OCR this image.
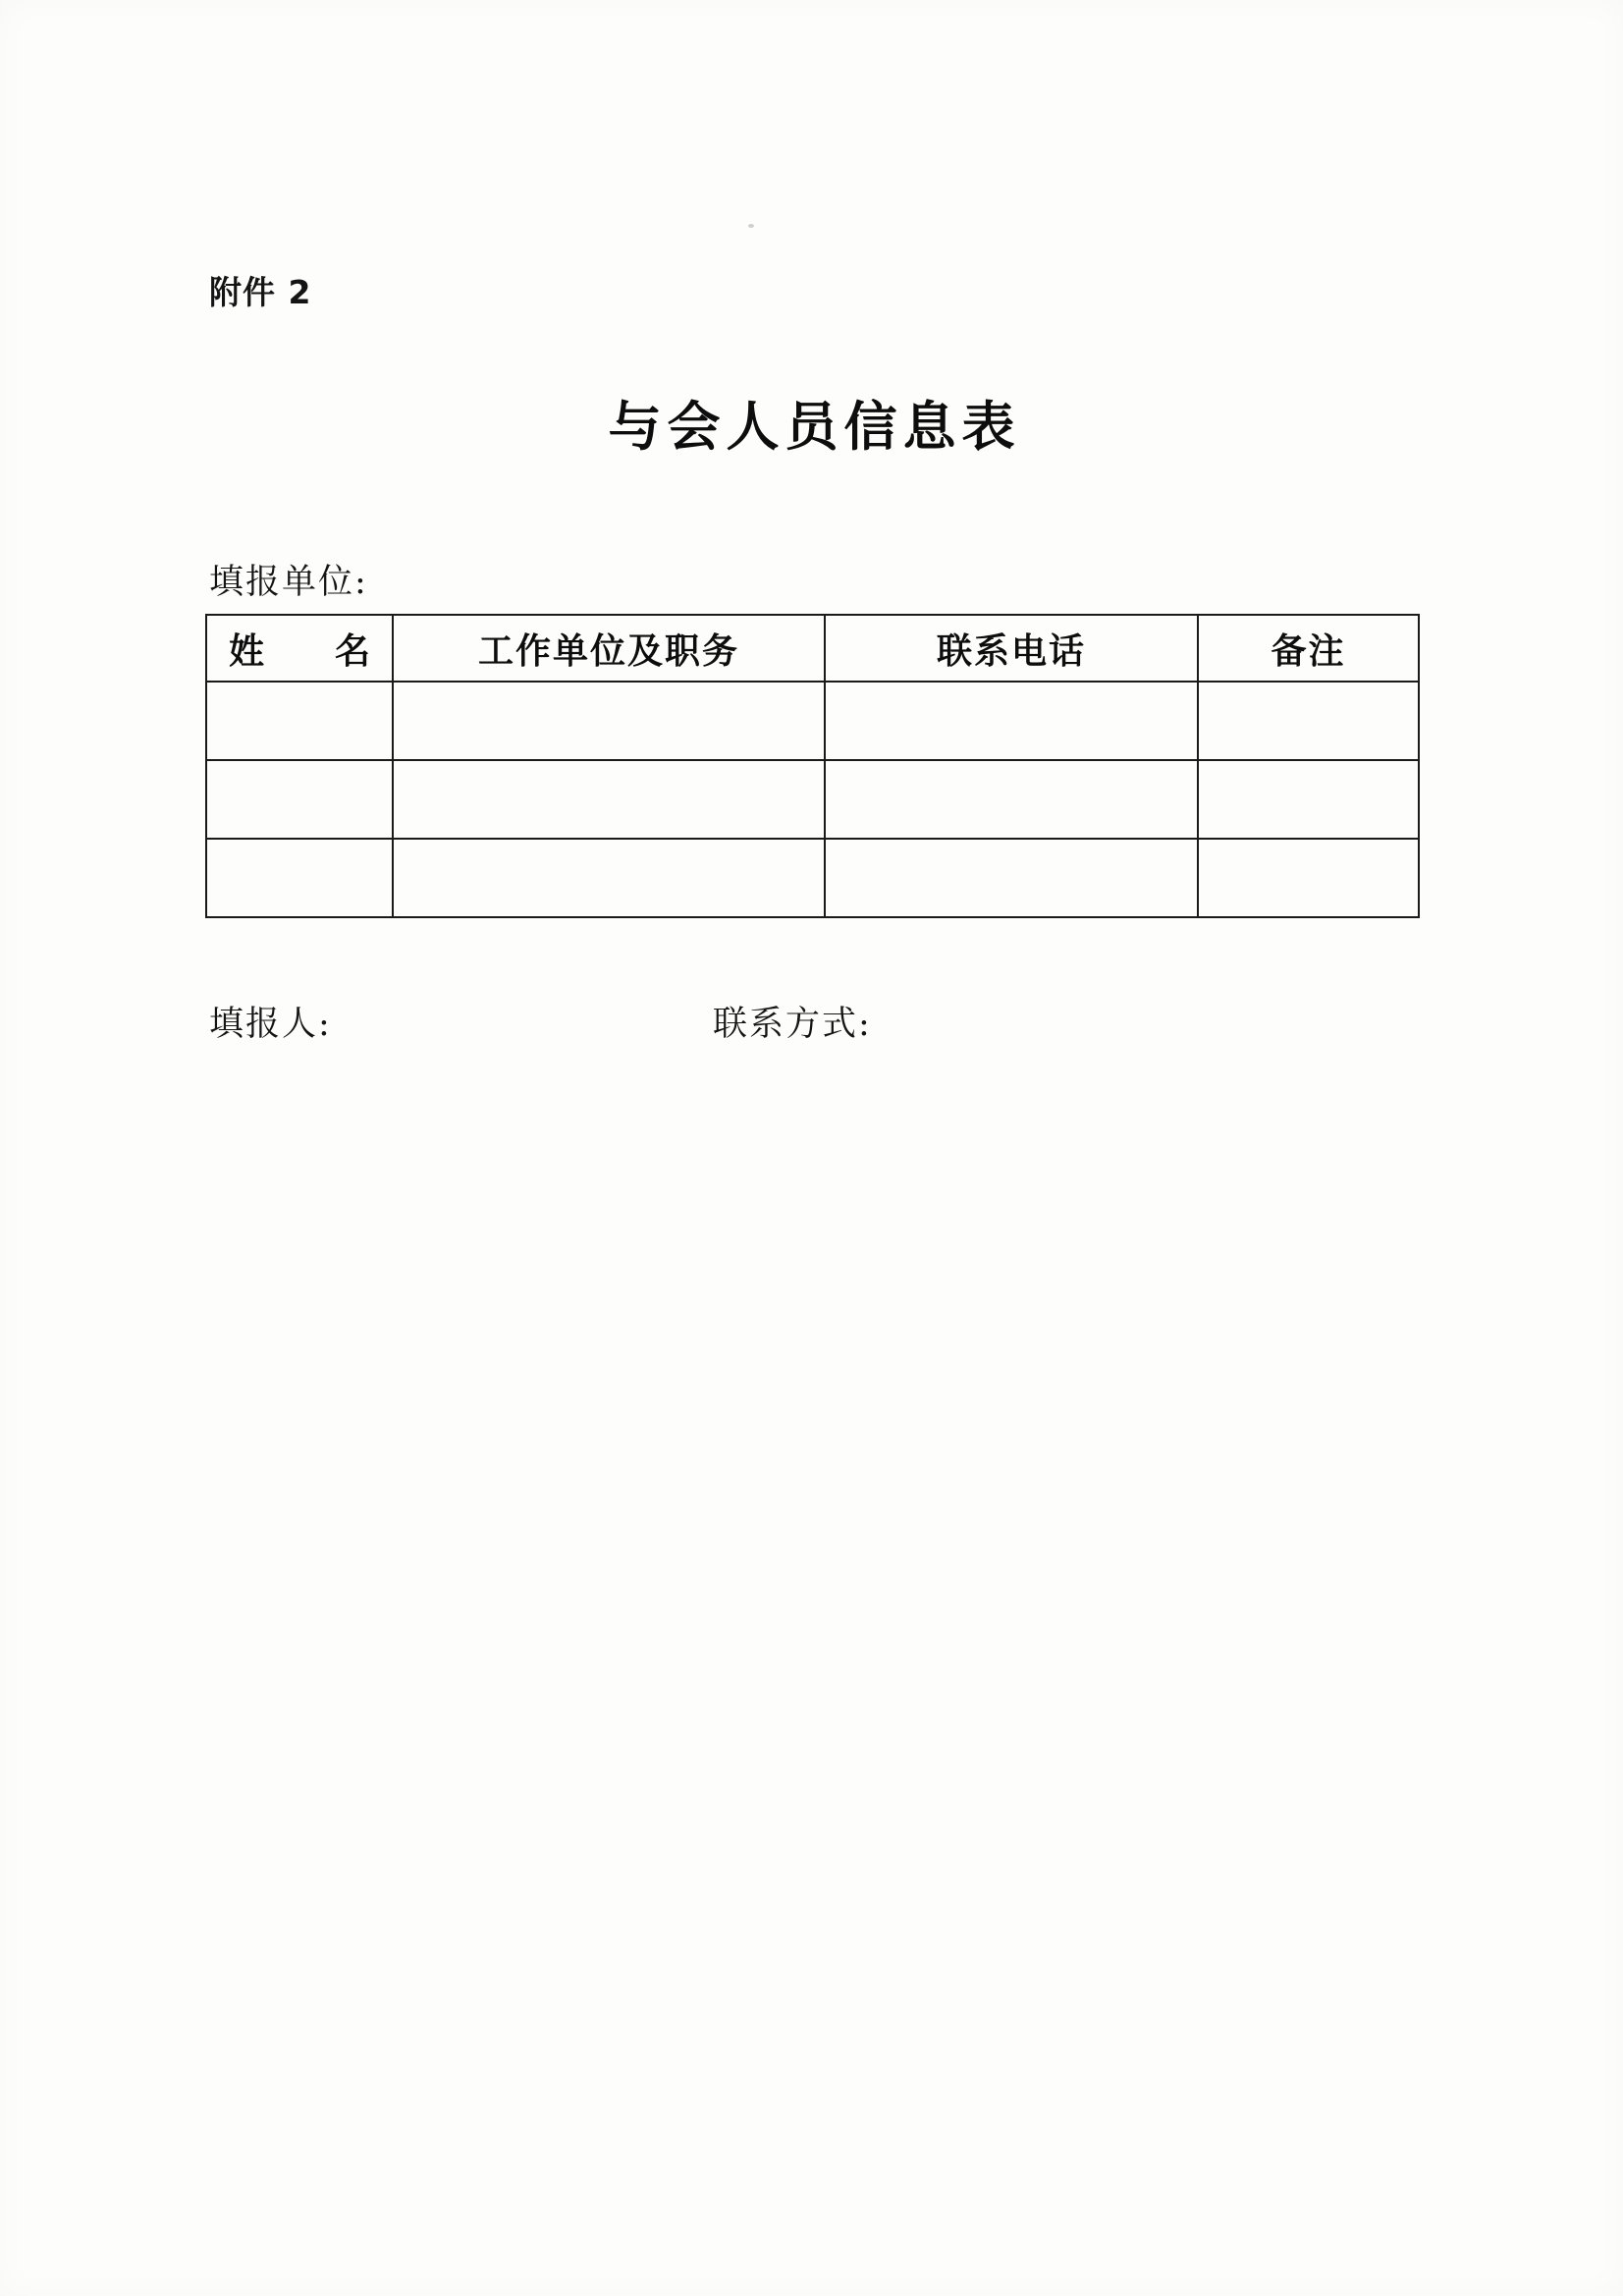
附件 2
与会人员信息表
填报单位:
姓　名	工作单位及职务	联系电话	备注

填报人:	联系方式:
